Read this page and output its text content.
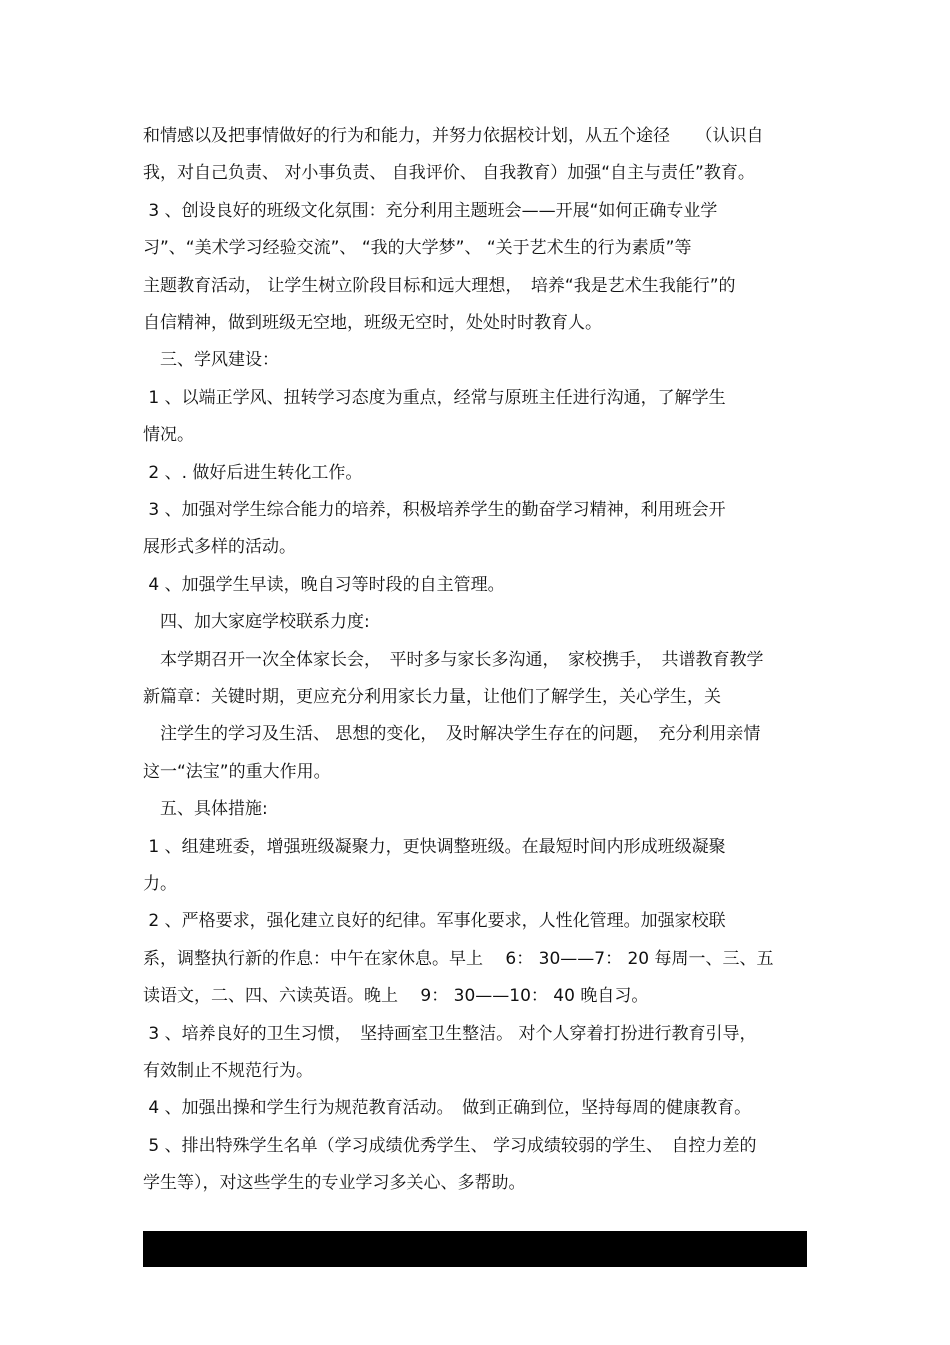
和情感以及把事情做好的行为和能力，并努力依据校计划，从五个途径　　（认识自
我，对自己负责、 对小事负责、 自我评价、 自我教育）加强“自主与责任”教育。
3 、创设良好的班级文化氛围：充分利用主题班会——开展“如何正确专业学
习”、“美术学习经验交流”、 “我的大学梦”、 “关于艺术生的行为素质”等
主题教育活动， 让学生树立阶段目标和远大理想，　培养“我是艺术生我能行”的
自信精神，做到班级无空地，班级无空时，处处时时教育人。
　三、学风建设：
1 、以端正学风、扭转学习态度为重点，经常与原班主任进行沟通，了解学生
情况。
2 、. 做好后进生转化工作。
3 、加强对学生综合能力的培养，积极培养学生的勤奋学习精神，利用班会开
展形式多样的活动。
4 、加强学生早读，晚自习等时段的自主管理。
　四、加大家庭学校联系力度:
　本学期召开一次全体家长会，　平时多与家长多沟通，　家校携手，　共谱教育教学
新篇章：关键时期，更应充分利用家长力量，让他们了解学生，关心学生，关
　注学生的学习及生活、 思想的变化，　及时解决学生存在的问题，　充分利用亲情
这一“法宝”的重大作用。
　五、具体措施:
1 、组建班委，增强班级凝聚力，更快调整班级。在最短时间内形成班级凝聚
力。
2 、严格要求，强化建立良好的纪律。军事化要求，人性化管理。加强家校联
系，调整执行新的作息：中午在家休息。早上　 6： 30——7： 20 每周一、三、五
读语文，二、四、六读英语。晚上　 9： 30——10： 40 晚自习。
3 、培养良好的卫生习惯，　坚持画室卫生整洁。 对个人穿着打扮进行教育引导，
有效制止不规范行为。
4 、加强出操和学生行为规范教育活动。　做到正确到位，坚持每周的健康教育。
5 、排出特殊学生名单（学习成绩优秀学生、 学习成绩较弱的学生、　自控力差的
学生等），对这些学生的专业学习多关心、多帮助。
